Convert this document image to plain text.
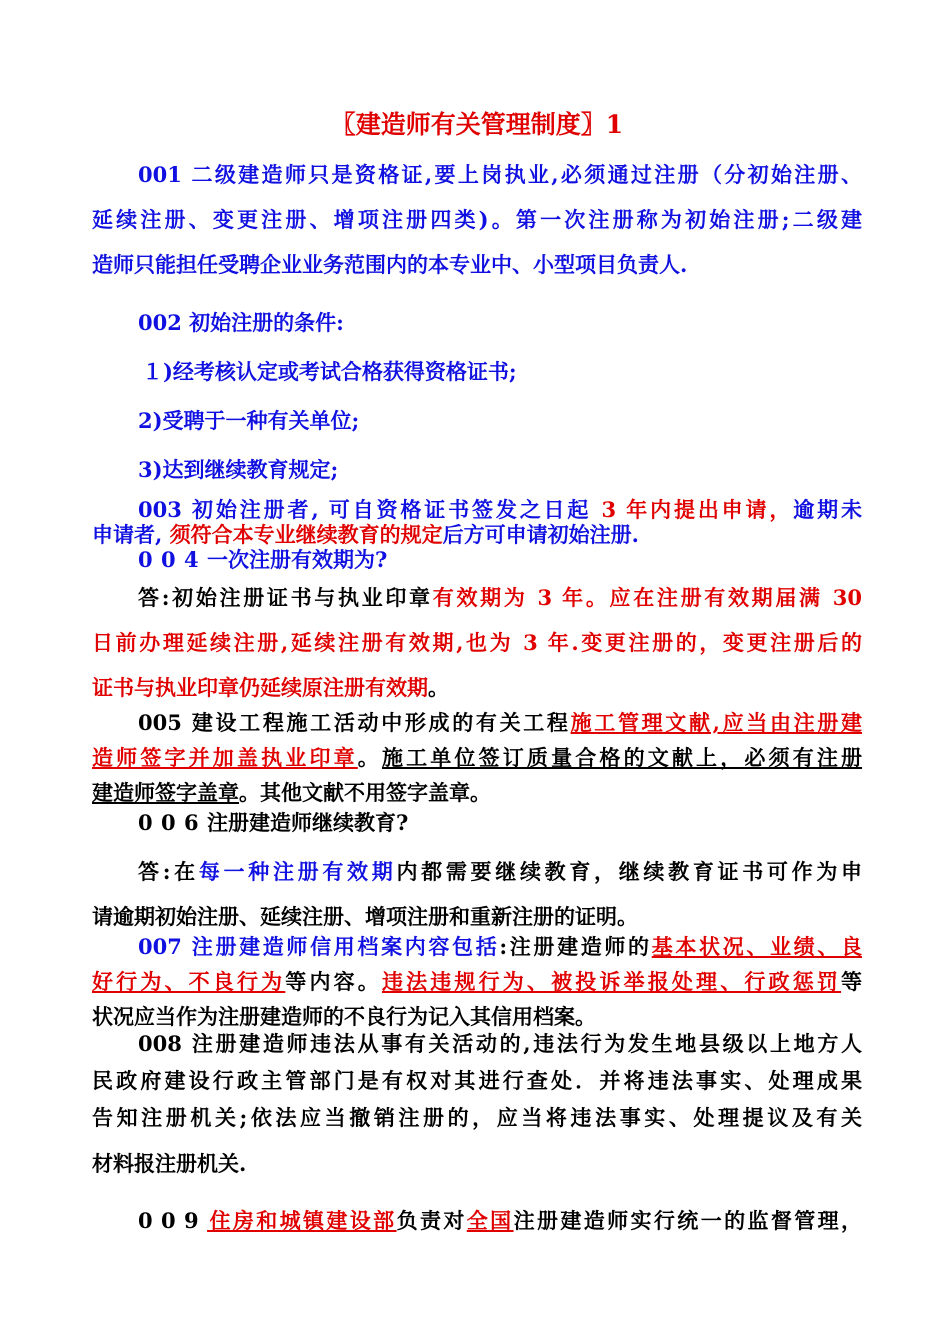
〖建造师有关管理制度〗1
001 二级建造师只是资格证,要上岗执业,必须通过注册（分初始注册、
延续注册、变更注册、增项注册四类)。第一次注册称为初始注册;二级建
造师只能担任受聘企业业务范围内的本专业中、小型项目负责人.
002 初始注册的条件:
１)经考核认定或考试合格获得资格证书;
2)受聘于一种有关单位;
3)达到继续教育规定;
003 初始注册者, 可自资格证书签发之日起 3 年内提出申请，逾期未
申请者, 须符合本专业继续教育的规定后方可申请初始注册.
004一次注册有效期为?
答:初始注册证书与执业印章有效期为 3 年。应在注册有效期届满 30
日前办理延续注册,延续注册有效期,也为 3 年.变更注册的，变更注册后的
证书与执业印章仍延续原注册有效期。
005 建设工程施工活动中形成的有关工程施工管理文献,应当由注册建
造师签字并加盖执业印章。施工单位签订质量合格的文献上，必须有注册
建造师签字盖章。其他文献不用签字盖章。
006注册建造师继续教育?
答:在每一种注册有效期内都需要继续教育，继续教育证书可作为申
请逾期初始注册、延续注册、增项注册和重新注册的证明。
007 注册建造师信用档案内容包括:注册建造师的基本状况、业绩、良
好行为、不良行为等内容。违法违规行为、被投诉举报处理、行政惩罚等
状况应当作为注册建造师的不良行为记入其信用档案。
008 注册建造师违法从事有关活动的,违法行为发生地县级以上地方人
民政府建设行政主管部门是有权对其进行查处．并将违法事实、处理成果
告知注册机关;依法应当撤销注册的，应当将违法事实、处理提议及有关
材料报注册机关.
009住房和城镇建设部负责对全国注册建造师实行统一的监督管理，
